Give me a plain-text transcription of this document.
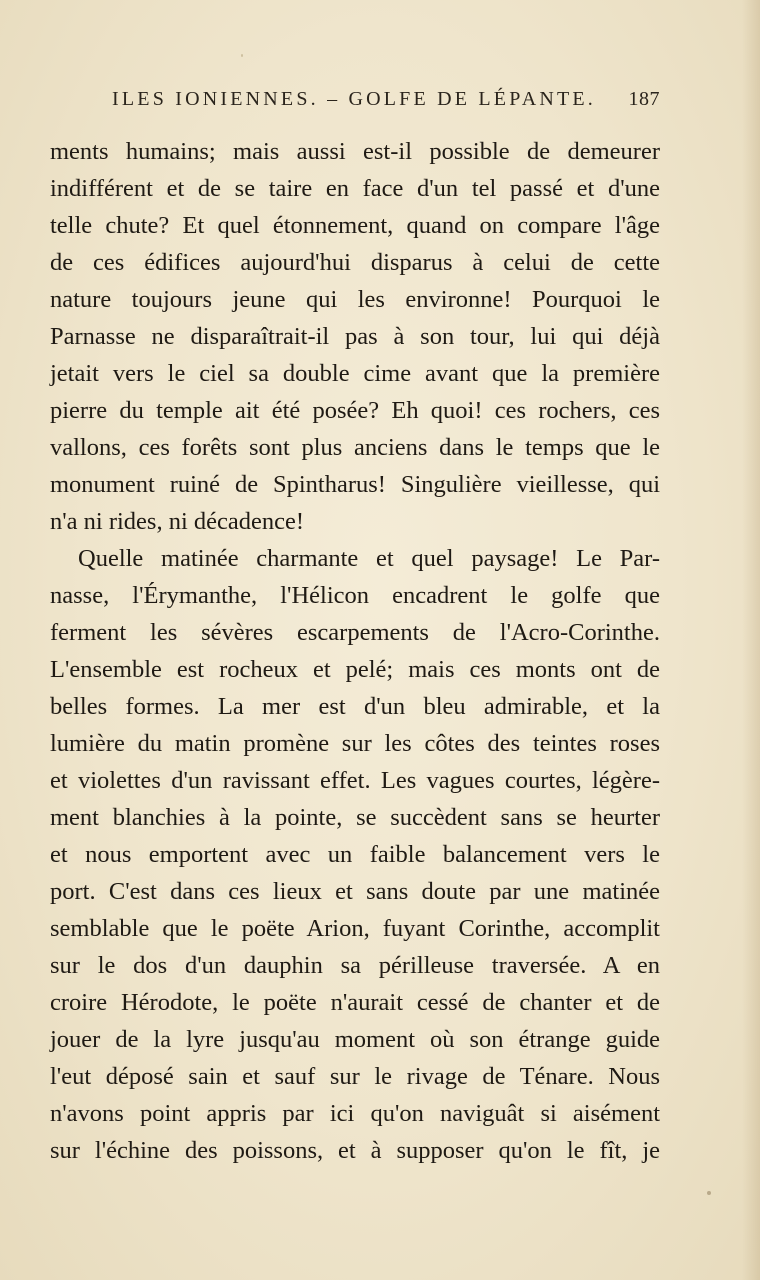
ILES IONIENNES. – GOLFE DE LÉPANTE. 187
ments humains; mais aussi est-il possible de demeurer
indifférent et de se taire en face d'un tel passé et d'une
telle chute? Et quel étonnement, quand on compare l'âge
de ces édifices aujourd'hui disparus à celui de cette
nature toujours jeune qui les environne! Pourquoi le
Parnasse ne disparaîtrait-il pas à son tour, lui qui déjà
jetait vers le ciel sa double cime avant que la première
pierre du temple ait été posée? Eh quoi! ces rochers, ces
vallons, ces forêts sont plus anciens dans le temps que le
monument ruiné de Spintharus! Singulière vieillesse, qui
n'a ni rides, ni décadence!
Quelle matinée charmante et quel paysage! Le Par-
nasse, l'Érymanthe, l'Hélicon encadrent le golfe que
ferment les sévères escarpements de l'Acro-Corinthe.
L'ensemble est rocheux et pelé; mais ces monts ont de
belles formes. La mer est d'un bleu admirable, et la
lumière du matin promène sur les côtes des teintes roses
et violettes d'un ravissant effet. Les vagues courtes, légère-
ment blanchies à la pointe, se succèdent sans se heurter
et nous emportent avec un faible balancement vers le
port. C'est dans ces lieux et sans doute par une matinée
semblable que le poëte Arion, fuyant Corinthe, accomplit
sur le dos d'un dauphin sa périlleuse traversée. A en
croire Hérodote, le poëte n'aurait cessé de chanter et de
jouer de la lyre jusqu'au moment où son étrange guide
l'eut déposé sain et sauf sur le rivage de Ténare. Nous
n'avons point appris par ici qu'on naviguât si aisément
sur l'échine des poissons, et à supposer qu'on le fît, je
